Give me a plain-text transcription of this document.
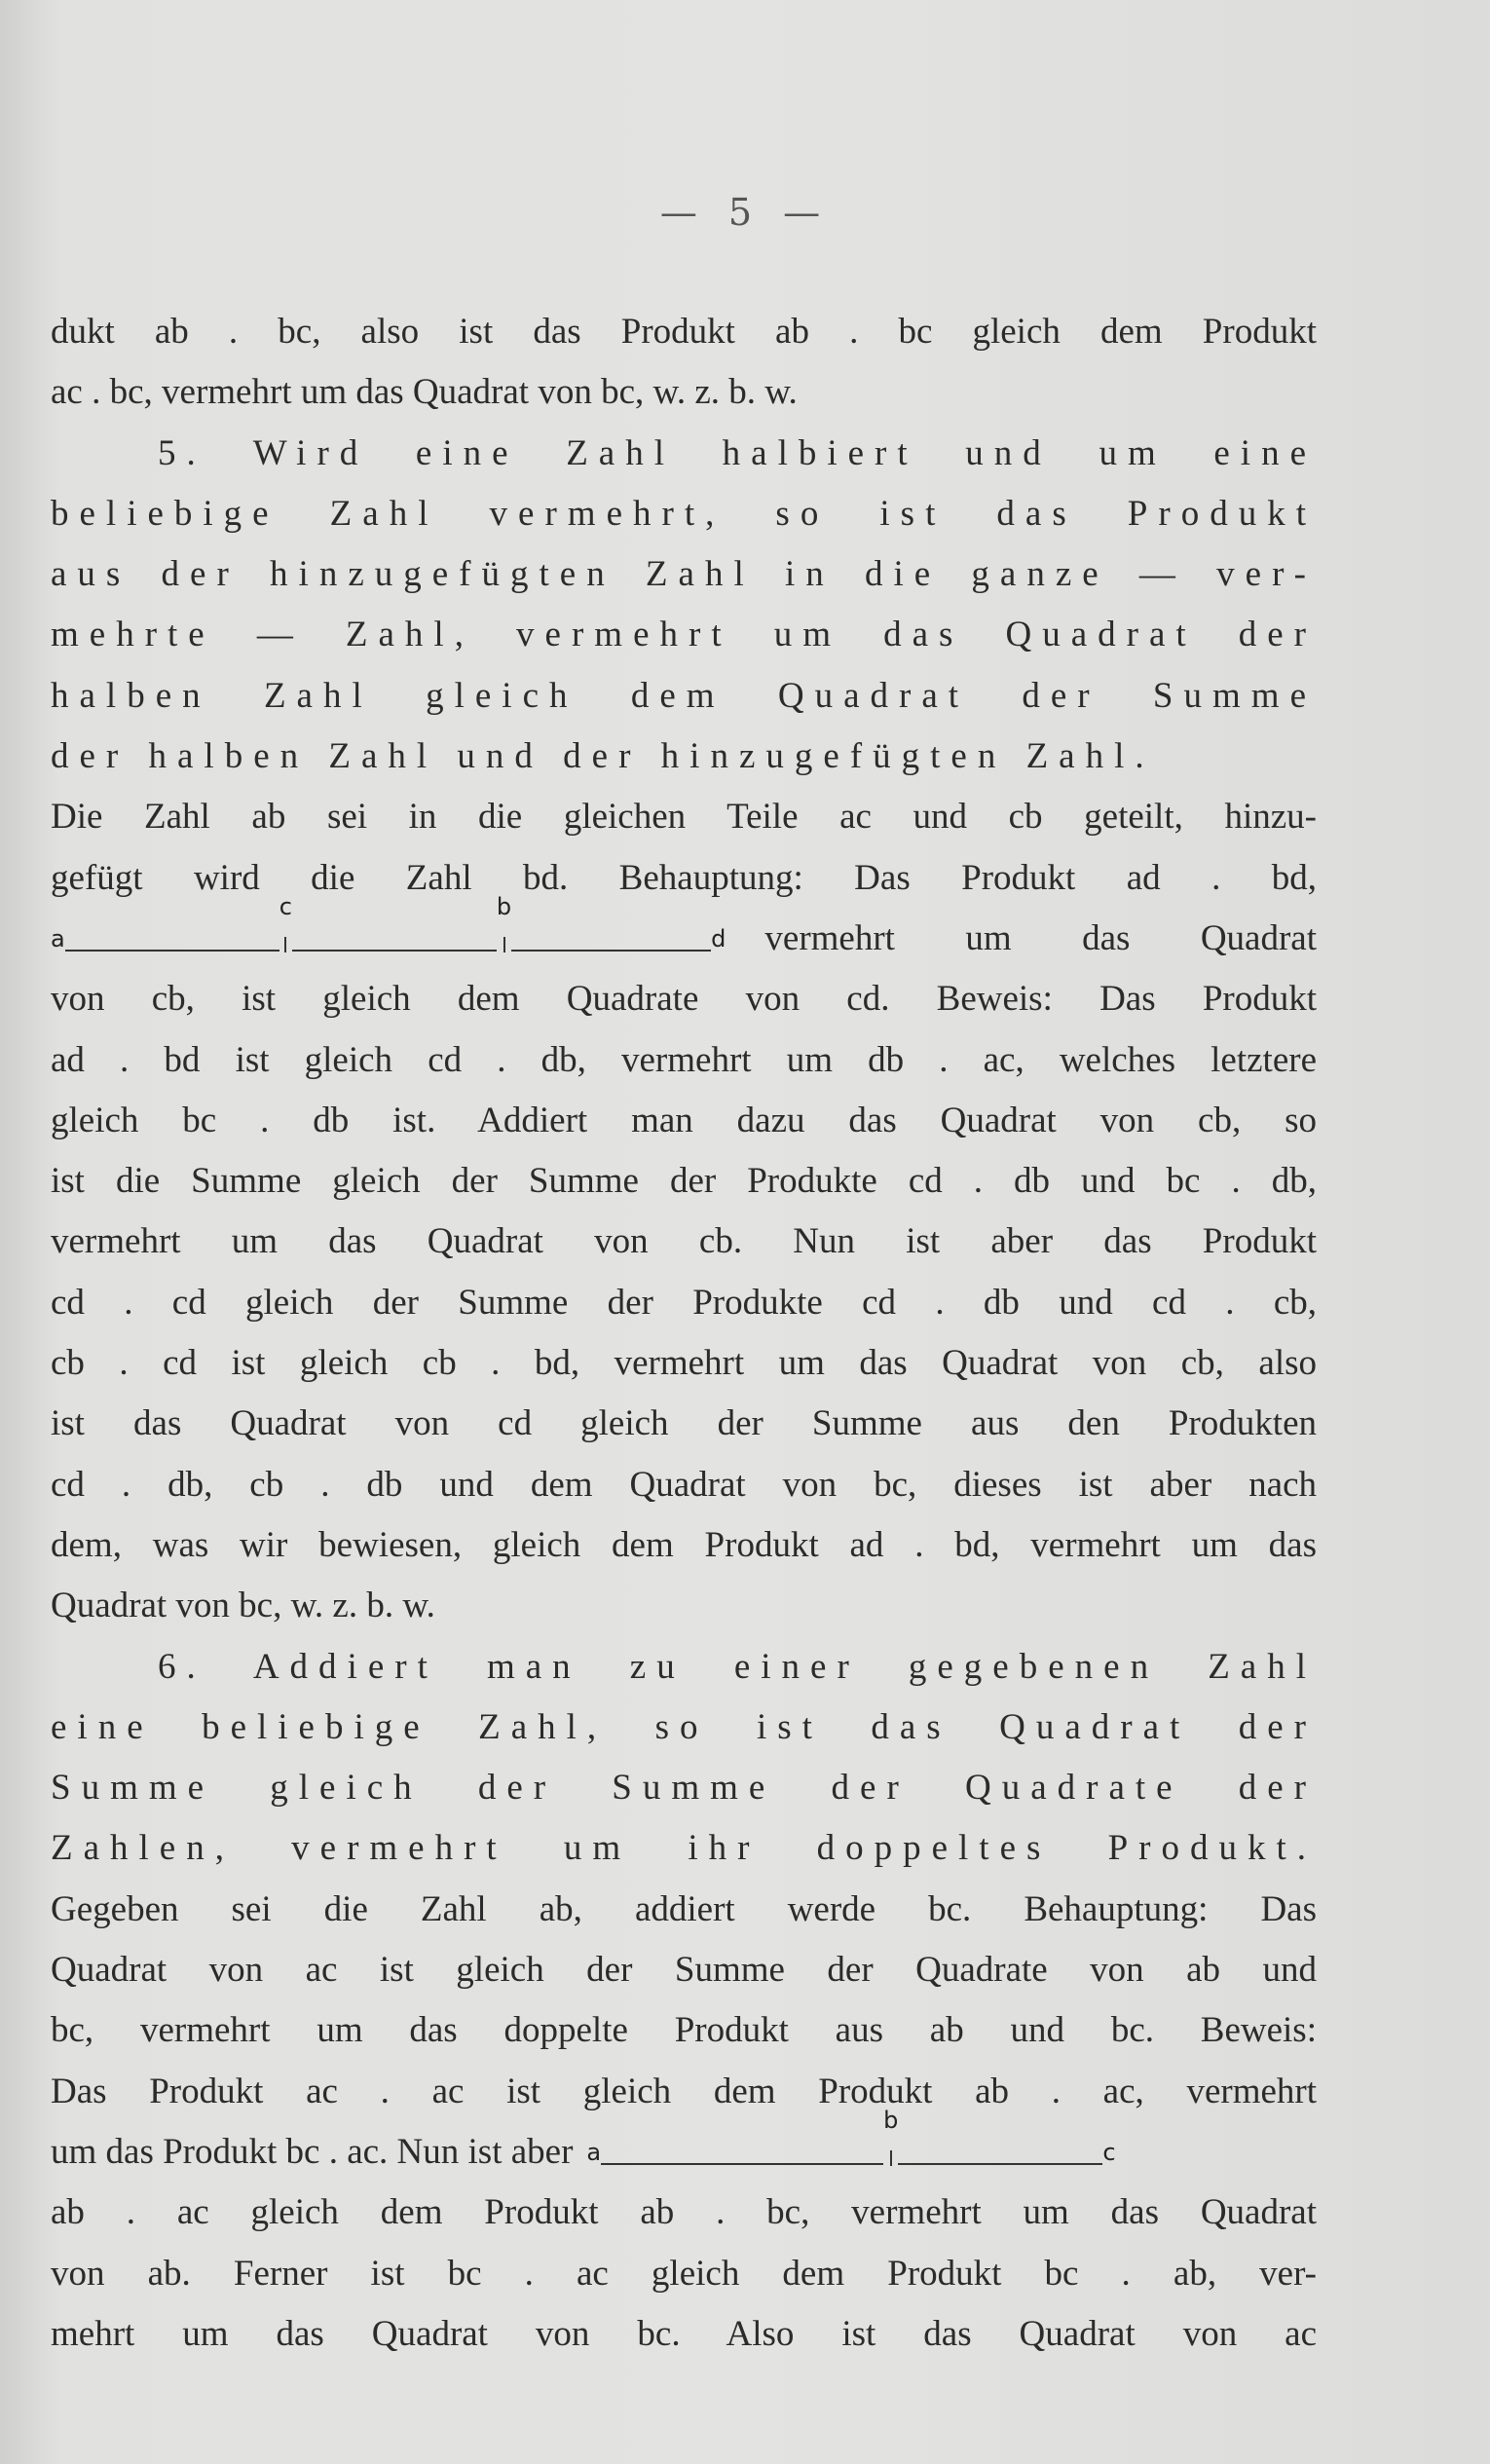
— 5 —
dukt ab . bc, also ist das Produkt ab . bc gleich dem Produkt
ac . bc, vermehrt um das Quadrat von bc, w. z. b. w.
5. Wird eine Zahl halbiert und um eine
beliebige Zahl vermehrt, so ist das Produkt
aus der hinzugefügten Zahl in die ganze — ver-
mehrte — Zahl, vermehrt um das Quadrat der
halben Zahl gleich dem Quadrat der Summe
der halben Zahl und der hinzugefügten Zahl.
Die Zahl ab sei in die gleichen Teile ac und cb geteilt, hinzu-
gefügt wird die Zahl bd. Behauptung: Das Produkt ad . bd,
a
c	b
d	vermehrt um das Quadrat
von cb, ist gleich dem Quadrate von cd. Beweis: Das Produkt
ad . bd ist gleich cd . db, vermehrt um db . ac, welches letztere
gleich bc . db ist. Addiert man dazu das Quadrat von cb, so
ist die Summe gleich der Summe der Produkte cd . db und bc . db,
vermehrt um das Quadrat von cb. Nun ist aber das Produkt
cd . cd gleich der Summe der Produkte cd . db und cd . cb,
cb . cd ist gleich cb . bd, vermehrt um das Quadrat von cb, also
ist das Quadrat von cd gleich der Summe aus den Produkten
cd . db, cb . db und dem Quadrat von bc, dieses ist aber nach
dem, was wir bewiesen, gleich dem Produkt ad . bd, vermehrt um das
Quadrat von bc, w. z. b. w.
6. Addiert man zu einer gegebenen Zahl
eine beliebige Zahl, so ist das Quadrat der
Summe gleich der Summe der Quadrate der
Zahlen, vermehrt um ihr doppeltes Produkt.
Gegeben sei die Zahl ab, addiert werde bc. Behauptung: Das
Quadrat von ac ist gleich der Summe der Quadrate von ab und
bc, vermehrt um das doppelte Produkt aus ab und bc. Beweis:
Das Produkt ac . ac ist gleich dem Produkt ab . ac, vermehrt
um das Produkt bc . ac. Nun ist aber a
b
c
ab . ac gleich dem Produkt ab . bc, vermehrt um das Quadrat
von ab. Ferner ist bc . ac gleich dem Produkt bc . ab, ver-
mehrt um das Quadrat von bc. Also ist das Quadrat von ac
